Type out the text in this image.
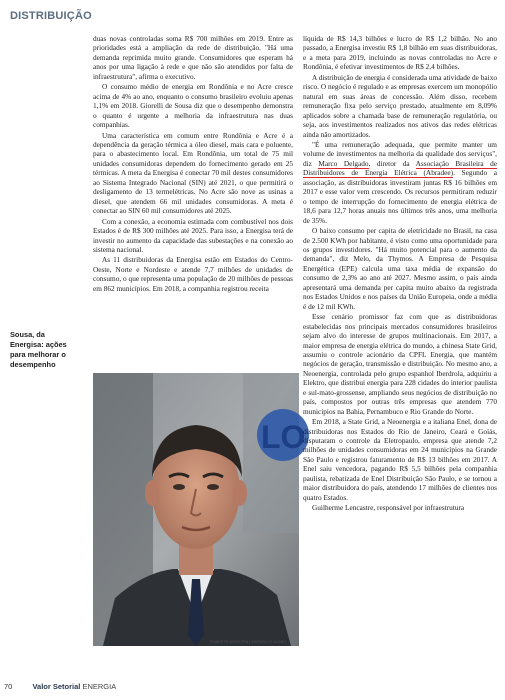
DISTRIBUIÇÃO

duas novas controladas soma R$ 700 milhões em 2019. Entre as prioridades está a ampliação da rede de distribuição. "Há uma demanda reprimida muito grande. Consumidores que esperam há anos por uma ligação à rede e que não são atendidos por falta de infraestrutura", afirma o executivo.

O consumo médio de energia em Rondônia e no Acre cresce acima de 4% ao ano, enquanto o consumo brasileiro evoluiu apenas 1,1% em 2018. Giorelli de Sousa diz que o desempenho demonstra o quanto é urgente a melhoria da infraestrutura nas duas companhias.

Uma característica em comum entre Rondônia e Acre é a dependência da geração térmica a óleo diesel, mais cara e poluente, para o abastecimento local. Em Rondônia, um total de 75 mil unidades consumidoras dependem do fornecimento gerado em 25 térmicas. A meta da Energisa é conectar 70 mil destes consumidores ao Sistema Integrado Nacional (SIN) até 2021, o que permitirá o desligamento de 13 termelétricas. No Acre são nove as usinas a diesel, que atendem 66 mil unidades consumidoras. A meta é conectar ao SIN 60 mil consumidores até 2025.

Com a conexão, a economia estimada com combustível nos dois Estados é de R$ 300 milhões até 2025. Para isso, a Energisa terá de investir no aumento da capacidade das subestações e na conexão ao sistema nacional.

As 11 distribuidoras da Energisa estão em Estados do Centro-Oeste, Norte e Nordeste e atende 7,7 milhões de unidades de consumo, o que representa uma população de 20 milhões de pessoas em 862 municípios. Em 2018, a companhia registrou receita

Sousa, da Energisa: ações para melhorar o desempenho
LO
ROBERTO MOREYRA | AGÊNCIA O GLOBO

líquida de R$ 14,3 bilhões e lucro de R$ 1,2 bilhão. No ano passado, a Energisa investiu R$ 1,8 bilhão em suas distribuidoras, e a meta para 2019, incluindo as novas controladas no Acre e Rondônia, é efetivar investimentos de R$ 2,4 bilhões.

A distribuição de energia é considerada uma atividade de baixo risco. O negócio é regulado e as empresas exercem um monopólio natural em suas áreas de concessão. Além disso, recebem remuneração fixa pelo serviço prestado, atualmente em 8,09% aplicados sobre a chamada base de remuneração regulatória, ou seja, aos investimentos realizados nos ativos das redes elétricas ainda não amortizados.

"É uma remuneração adequada, que permite manter um volume de investimentos na melhoria da qualidade dos serviços", diz Marco Delgado, diretor da Associação Brasileira de Distribuidores de Energia Elétrica (Abradee). Segundo a associação, as distribuidoras investiram juntas R$ 16 bilhões em 2017 e esse valor vem crescendo. Os recursos permitiram reduzir o tempo de interrupção do fornecimento de energia elétrica de 18,6 para 12,7 horas anuais nos últimos três anos, uma melhoria de 35%.

O baixo consumo per capita de eletricidade no Brasil, na casa de 2.500 KWh por habitante, é visto como uma oportunidade para os grupos investidores. "Há muito potencial para o aumento da demanda", diz Melo, da Thymos. A Empresa de Pesquisa Energética (EPE) calcula uma taxa média de expansão do consumo de 2,3% ao ano até 2027. Mesmo assim, o país ainda apresentará uma demanda per capita muito abaixo da registrada nos Estados Unidos e nos países da União Europeia, onde a média é de 12 mil KWh.

Esse cenário promissor faz com que as distribuidoras estabelecidas nos principais mercados consumidores brasileiros sejam alvo do interesse de grupos multinacionais. Em 2017, a maior empresa de energia elétrica do mundo, a chinesa State Grid, assumiu o controle acionário da CPFL Energia, que mantém negócios de geração, transmissão e distribuição. No mesmo ano, a Neoenergia, controlada pelo grupo espanhol Iberdrola, adquiriu a Elektro, que distribui energia para 228 cidades do interior paulista e sul-mato-grossense, ampliando seus negócios de distribuição no país, compostos por outras três empresas que atendem 770 municípios na Bahia, Pernambuco e Rio Grande do Norte.

Em 2018, a State Grid, a Neoenergia e a italiana Enel, dona de distribuidoras nos Estados do Rio de Janeiro, Ceará e Goiás, disputaram o controle da Eletropaulo, empresa que atende 7,2 milhões de unidades consumidoras em 24 municípios na Grande São Paulo e registrou faturamento de R$ 13 bilhões em 2017. A Enel saiu vencedora, pagando R$ 5,5 bilhões pela companhia paulista, rebatizada de Enel Distribuição São Paulo, e se tornou a maior distribuidora do país, atendendo 17 milhões de clientes nos quatro Estados.

Guilherme Lencastre, responsável por infraestrutura

70	Valor Setorial ENERGIA
